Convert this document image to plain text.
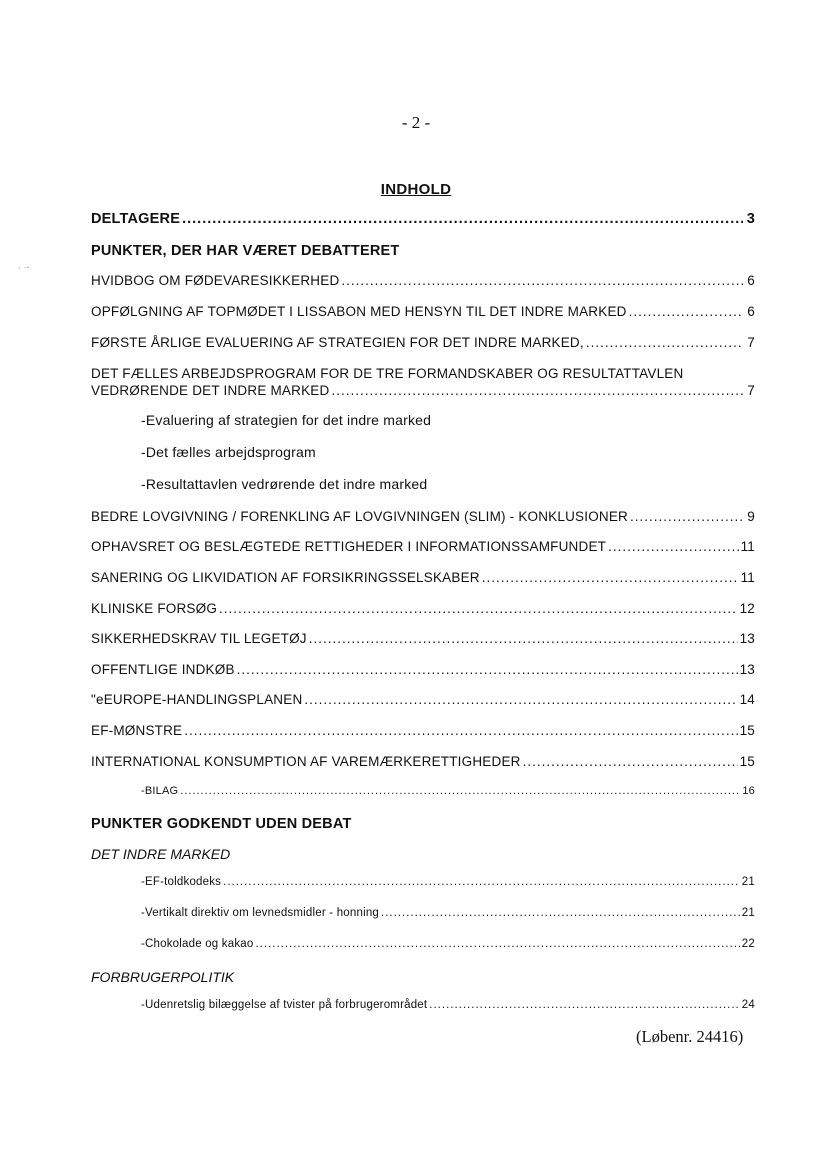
- 2 -
· ·-
INDHOLD
DELTAGERE .....	3
PUNKTER, DER HAR VÆRET DEBATTERET
HVIDBOG OM FØDEVARESIKKERHED .....	6
OPFØLGNING AF TOPMØDET I LISSABON MED HENSYN TIL DET INDRE MARKED .....	6
FØRSTE ÅRLIGE EVALUERING AF STRATEGIEN FOR DET INDRE MARKED, .....	7
DET FÆLLES ARBEJDSPROGRAM FOR DE TRE FORMANDSKABER OG RESULTATTAVLEN
VEDRØRENDE DET INDRE MARKED .....	7
-Evaluering af strategien for det indre marked
-Det fælles arbejdsprogram
-Resultattavlen vedrørende det indre marked
BEDRE LOVGIVNING / FORENKLING AF LOVGIVNINGEN (SLIM) - KONKLUSIONER .....	9
OPHAVSRET OG BESLÆGTEDE RETTIGHEDER I INFORMATIONSSAMFUNDET .....	11
SANERING OG LIKVIDATION AF FORSIKRINGSSELSKABER .....	11
KLINISKE FORSØG .....	12
SIKKERHEDSKRAV TIL LEGETØJ .....	13
OFFENTLIGE INDKØB .....	13
"eEUROPE-HANDLINGSPLANEN .....	14
EF-MØNSTRE .....	15
INTERNATIONAL KONSUMPTION AF VAREMÆRKERETTIGHEDER .....	15
-BILAG .....	16
PUNKTER GODKENDT UDEN DEBAT
DET INDRE MARKED
-EF-toldkodeks .....	21
-Vertikalt direktiv om levnedsmidler - honning .....	21
-Chokolade og kakao .....	22
FORBRUGERPOLITIK
-Udenretslig bilæggelse af tvister på forbrugerområdet .....	24
(Løbenr. 24416)
